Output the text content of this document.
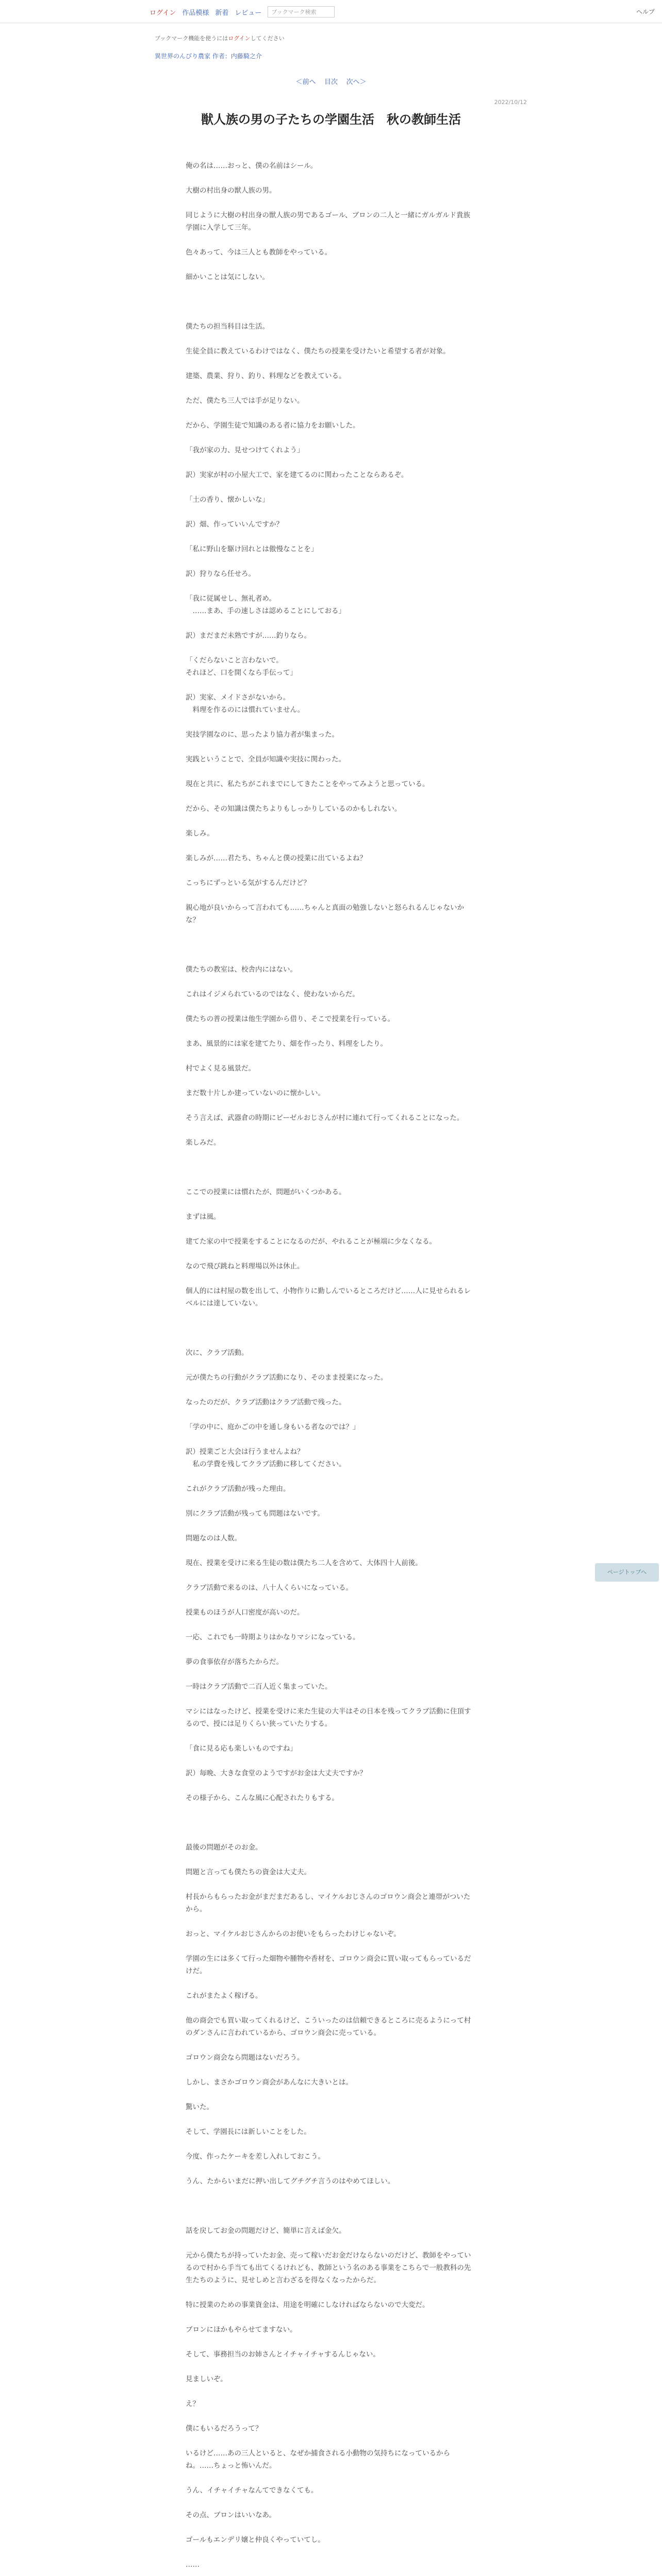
ログイン 作品模様 新着 レビュー	ブックマーク検索	ヘルプ
ブックマーク機能を使うにはログインしてください
異世界のんびり農家 作者：内藤騎之介
＜前へ 目次 次へ＞
2022/10/12
獣人族の男の子たちの学園生活　秋の教師生活

俺の名は……おっと、僕の名前はシール。

大樹の村出身の獣人族の男。

同じように大樹の村出身の獣人族の男であるゴール、ブロンの二人と一緒にガルガルド貴族学園に入学して三年。

色々あって、今は三人とも教師をやっている。

細かいことは気にしない。

僕たちの担当科目は生活。

生徒全員に教えているわけではなく、僕たちの授業を受けたいと希望する者が対象。

建築、農業、狩り、釣り、料理などを教えている。

ただ、僕たち三人では手が足りない。

だから、学園生徒で知識のある者に協力をお願いした。

「我が家の力、見せつけてくれよう」

訳）実家が村の小屋大工で、家を建てるのに関わったことならあるぞ。

「土の香り、懐かしいな」

訳）畑、作っていいんですか？

「私に野山を駆け回れとは傲慢なことを」

訳）狩りなら任せろ。

「我に従属せし、無礼者め。
　……まあ、手の速しさは認めることにしておる」

訳）まだまだ未熟ですが……釣りなら。

「くだらないこと言わないで。
それほど、口を開くなら手伝って」

訳）実家、メイドさがないから。
　料理を作るのには慣れていません。

実技学園なのに、思ったより協力者が集まった。

実践ということで、全員が知識や実技に関わった。

現在と共に、私たちがこれまでにしてきたことをやってみようと思っている。

だから、その知識は僕たちよりもしっかりしているのかもしれない。

楽しみ。

楽しみが……君たち、ちゃんと僕の授業に出ているよね？

こっちにずっといる気がするんだけど？

親心地が良いからって言われても……ちゃんと真面の勉強しないと怒られるんじゃないかな？

僕たちの教室は、校舎内にはない。

これはイジメられているのではなく、使わないからだ。

僕たちの普の授業は他生学園から借り、そこで授業を行っている。

まあ、風景的には家を建てたり、畑を作ったり、料理をしたり。

村でよく見る風景だ。

まだ数十片しか建っていないのに懐かしい。

そう言えば、武器倉の時期にビーゼルおじさんが村に連れて行ってくれることになった。

楽しみだ。

ここでの授業には慣れたが、問題がいくつかある。

まずは風。

建てた家の中で授業をすることになるのだが、やれることが極端に少なくなる。

なので飛び跳ねと料理場以外は休止。

個人的には村屋の数を出して、小物作りに勤しんでいるところだけど……人に見せられるレベルには達していない。

次に、クラブ活動。

元が僕たちの行動がクラブ活動になり、そのまま授業になった。

なったのだが、クラブ活動はクラブ活動で残った。

「学の中に、庭かごの中を通し身もいる者なのでは？」

訳）授業ごと大会は行うませんよね？
　私の学費を残してクラブ活動に移してください。

これがクラブ活動が残った理由。

別にクラブ活動が残っても問題はないです。

問題なのは人数。

現在、授業を受けに来る生徒の数は僕たち二人を含めて、大体四十人前後。

クラブ活動で来るのは、八十人くらいになっている。

授業ものほうが人口密度が高いのだ。

一応、これでも一時期よりはかなりマシになっている。

夢の食事依存が落ちたからだ。

一時はクラブ活動で二百人近く集まっていた。

マシにはなったけど、授業を受けに来た生徒の大半はその日本を残ってクラブ活動に住頂するので、授には足りくらい狭っていたりする。

「食に見る応も楽しいものですね」

訳）毎晩、大きな食堂のようですがお金は大丈夫ですか？

その様子から、こんな風に心配されたりもする。

最後の問題がそのお金。

問題と言っても僕たちの資金は大丈夫。

村長からもらったお金がまだまだあるし、マイケルおじさんのゴロウン商会と連帯がついたから。

おっと、マイケルおじさんからのお使いをもらったわけじゃないぞ。

学園の生には多くて行った畑物や腫物や香材を、ゴロウン商会に買い取ってもらっているだけだ。

これがまたよく稼げる。

他の商会でも買い取ってくれるけど、こういったのは信頼できるところに売るようにって村のダンさんに言われているから、ゴロウン商会に売っている。

ゴロウン商会なら問題はないだろう。

しかし、まさかゴロウン商会があんなに大きいとは。

驚いた。

そして、学園長には新しいことをした。

今度、作ったケーキを差し入れしておこう。

うん、たからいまだに押い出してグチグチ言うのはやめてほしい。

話を戻してお金の問題だけど、簡単に言えば金欠。

元から僕たちが持っていたお金、売って稼いだお金だけならないのだけど、教師をやっているので村から手当ても出てくるけれども、教師という名のある事業をこちらで一般教科の先生たちのように、見せしめと言わざるを得なくなったからだ。

特に授業のための事業資金は、用途を明確にしなければならないので大変だ。

ブロンにほかもやらせてますない。

そして、事務担当のお姉さんとイチャイチャするんじゃない。

見ましいぞ。

え？

僕にもいるだろうって？

いるけど……あの三人といると、なぜか捕食される小動物の気持ちになっているからね。……ちょっと怖いんだ。

うん、イチャイチャなんてできなくても。

その点、ブロンはいいなあ。

ゴールもエンデリ嬢と仲良くやっていてし。

……

ページトップへ
